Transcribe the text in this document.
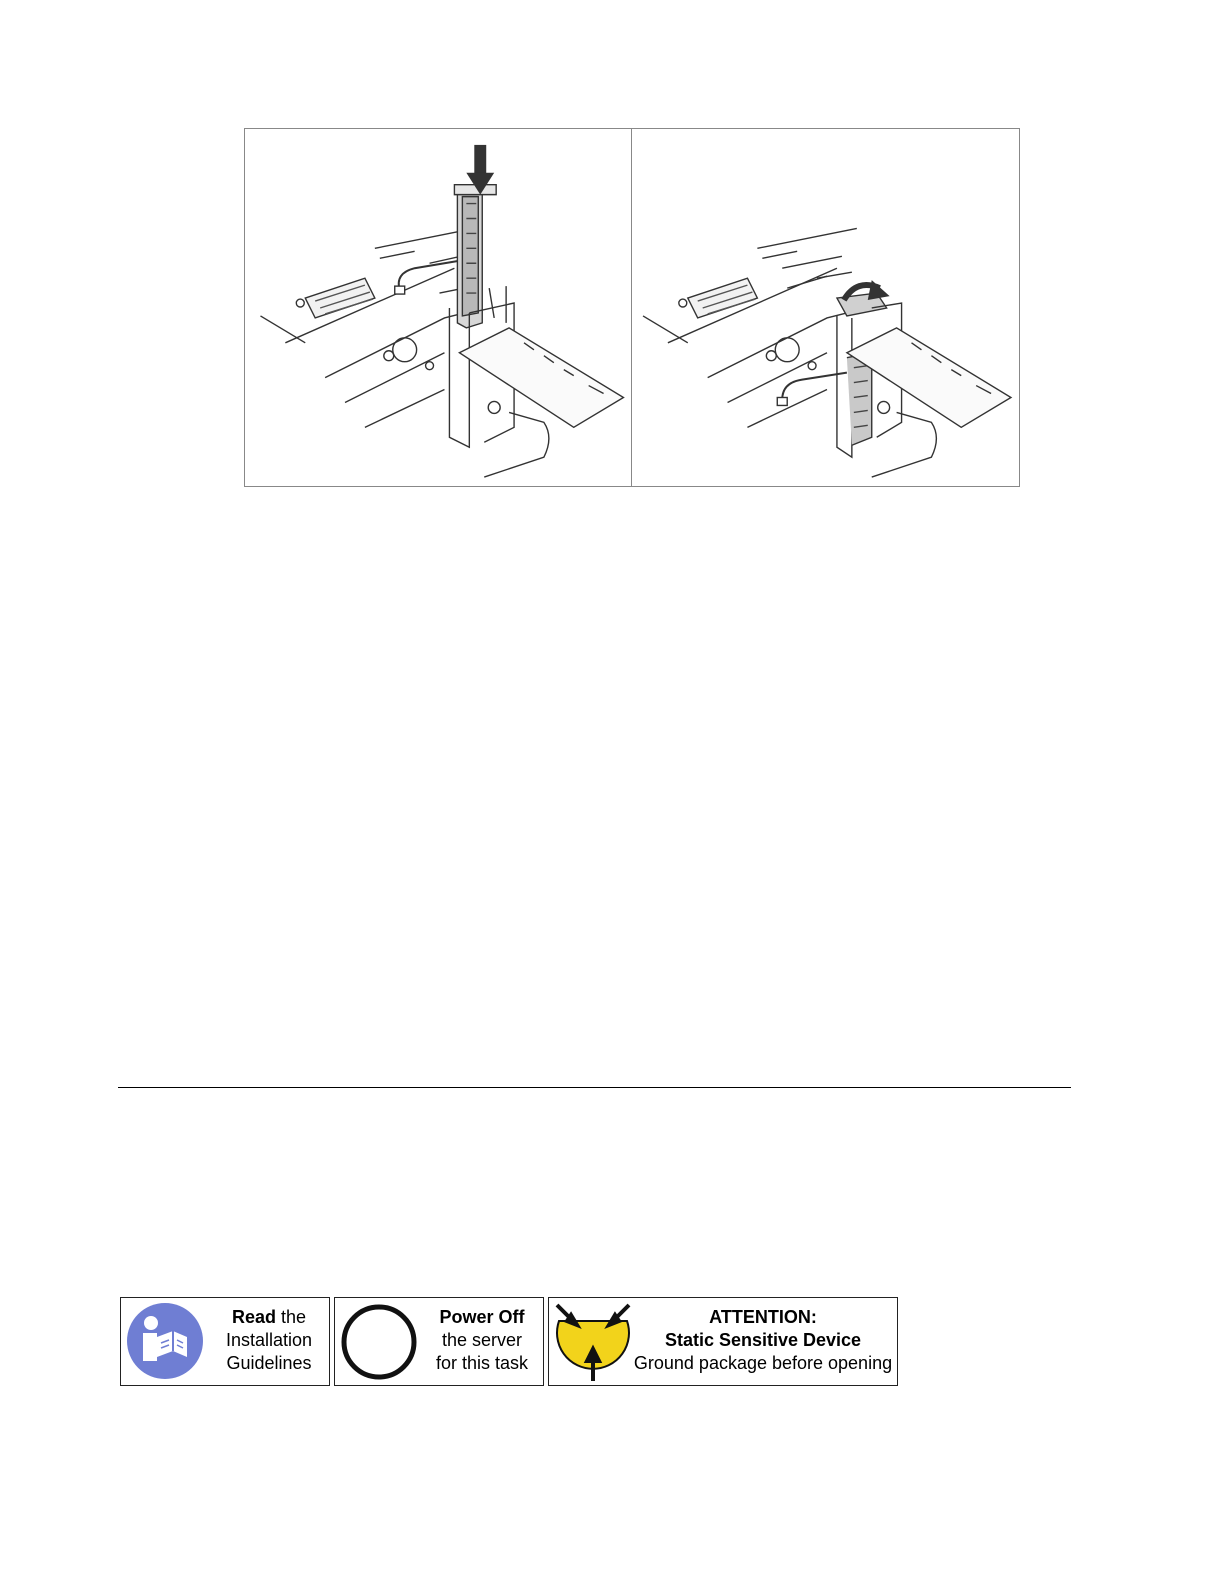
Read the
Installation
Guidelines
Power Off
the server
for this task
ATTENTION:
Static Sensitive Device
Ground package before opening
